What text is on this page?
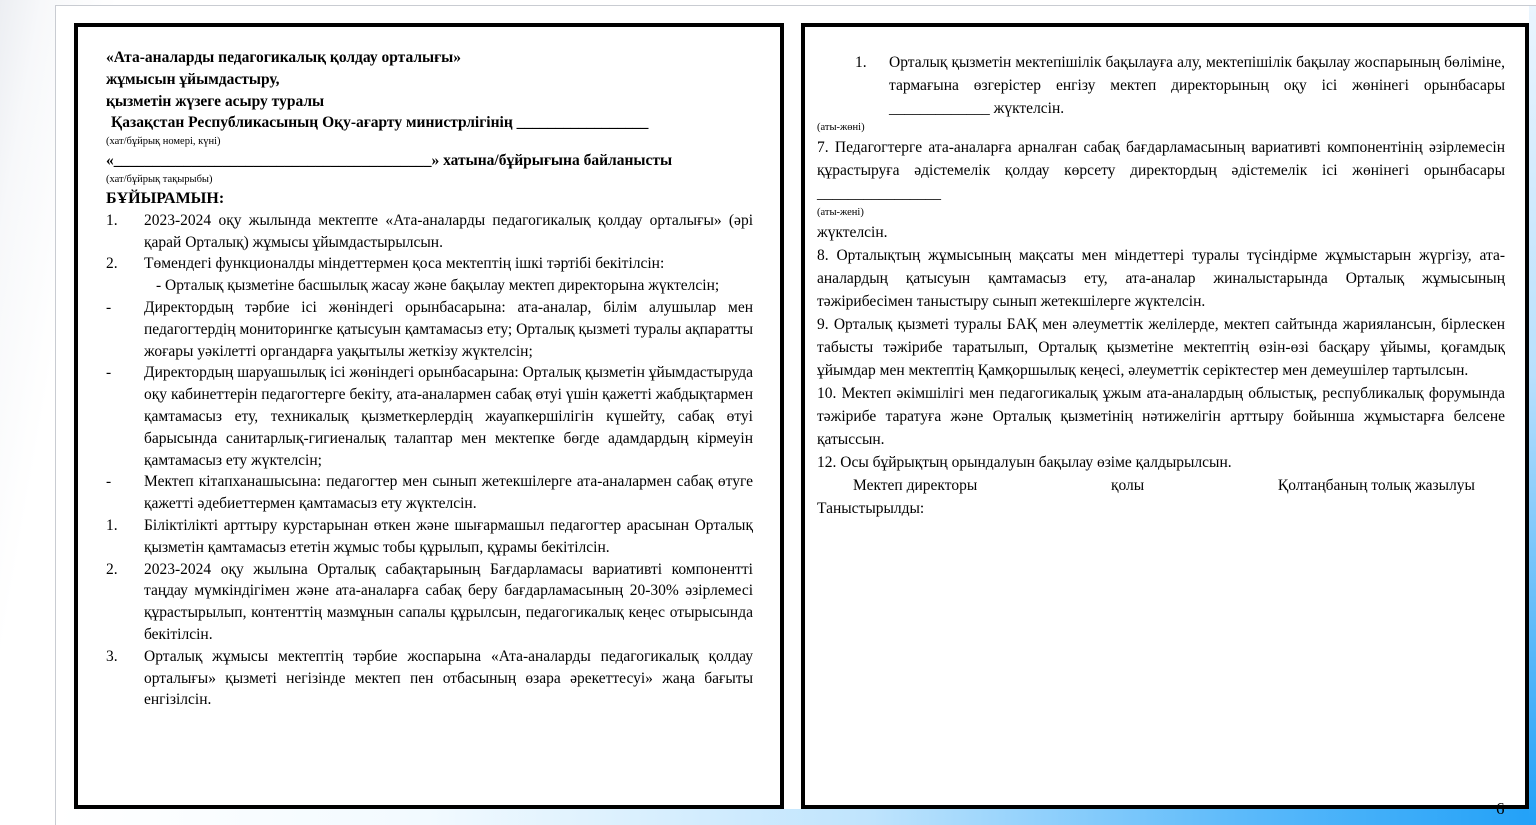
«Ата-аналарды педагогикалық қолдау орталығы»
жұмысын ұйымдастыру,
қызметін жүзеге асыру туралы
Қазақстан Республикасының Оқу-ағарту министрлігінің _________________
(хат/бұйрық номері, күні)
«_________________________________________» хатына/бұйрығына байланысты
(хат/бұйрық тақырыбы)
БҰЙЫРАМЫН:
1. 2023-2024 оқу жылында мектепте «Ата-аналарды педагогикалық қолдау орталығы» (әрі қарай Орталық) жұмысы ұйымдастырылсын.
2. Төмендегі функционалды міндеттермен қоса мектептің ішкі тәртібі бекітілсін:
- Орталық қызметіне басшылық жасау және бақылау мектеп директорына жүктелсін;
- Директордың тәрбие ісі жөніндегі орынбасарына: ата-аналар, білім алушылар мен педагогтердің мониторингке қатысуын қамтамасыз ету; Орталық қызметі туралы ақпаратты жоғары уәкілетті органдарға уақытылы жеткізу жүктелсін;
- Директордың шаруашылық ісі жөніндегі орынбасарына: Орталық қызметін ұйымдастыруда оқу кабинеттерін педагогтерге бекіту, ата-аналармен сабақ өтуі үшін қажетті жабдықтармен қамтамасыз ету, техникалық қызметкерлердің жауапкершілігін күшейту, сабақ өтуі барысында санитарлық-гигиеналық талаптар мен мектепке бөгде адамдардың кірмеуін қамтамасыз ету жүктелсін;
- Мектеп кітапханашысына: педагогтер мен сынып жетекшілерге ата-аналармен сабақ өтуге қажетті әдебиеттермен қамтамасыз ету жүктелсін.
1. Біліктілікті арттыру курстарынан өткен және шығармашыл педагогтер арасынан Орталық қызметін қамтамасыз ететін жұмыс тобы құрылып, құрамы бекітілсін.
2. 2023-2024 оқу жылына Орталық сабақтарының Бағдарламасы вариативті компонентті таңдау мүмкіндігімен және ата-аналарға сабақ беру бағдарламасының 20-30% әзірлемесі құрастырылып, контенттің мазмұнын сапалы құрылсын, педагогикалық кеңес отырысында бекітілсін.
3. Орталық жұмысы мектептің тәрбие жоспарына «Ата-аналарды педагогикалық қолдау орталығы» қызметі негізінде мектеп пен отбасының өзара әрекеттесуі» жаңа бағыты енгізілсін.
1. Орталық қызметін мектепішілік бақылауға алу, мектепішілік бақылау жоспарының бөліміне, тармағына өзгерістер енгізу мектеп директорының оқу ісі жөнінегі орынбасары _____________ жүктелсін.
(аты-жөні)
7. Педагогтерге ата-аналарға арналған сабақ бағдарламасының вариативті компонентінің әзірлемесін құрастыруға әдістемелік қолдау көрсету директордың әдістемелік ісі жөнінегі орынбасары ________________
(аты-жені)
жүктелсін.
8. Орталықтың жұмысының мақсаты мен міндеттері туралы түсіндірме жұмыстарын жүргізу, ата-аналардың қатысуын қамтамасыз ету, ата-аналар жиналыстарында Орталық жұмысының тәжірибесімен таныстыру сынып жетекшілерге жүктелсін.
9. Орталық қызметі туралы БАҚ мен әлеуметтік желілерде, мектеп сайтында жариялансын, бірлескен табысты тәжірибе таратылып, Орталық қызметіне мектептің өзін-өзі басқару ұйымы, қоғамдық ұйымдар мен мектептің Қамқоршылық кеңесі, әлеуметтік серіктестер мен демеушілер тартылсын.
10. Мектеп әкімшілігі мен педагогикалық ұжым ата-аналардың облыстық, республикалық форумында тәжірибе таратуға және Орталық қызметінің нәтижелігін арттыру бойынша жұмыстарға белсене қатыссын.
12. Осы бұйрықтың орындалуын бақылау өзіме қалдырылсын.
Мектеп директоры	қолы	Қолтаңбаның толық жазылуы
Таныстырылды:
6
